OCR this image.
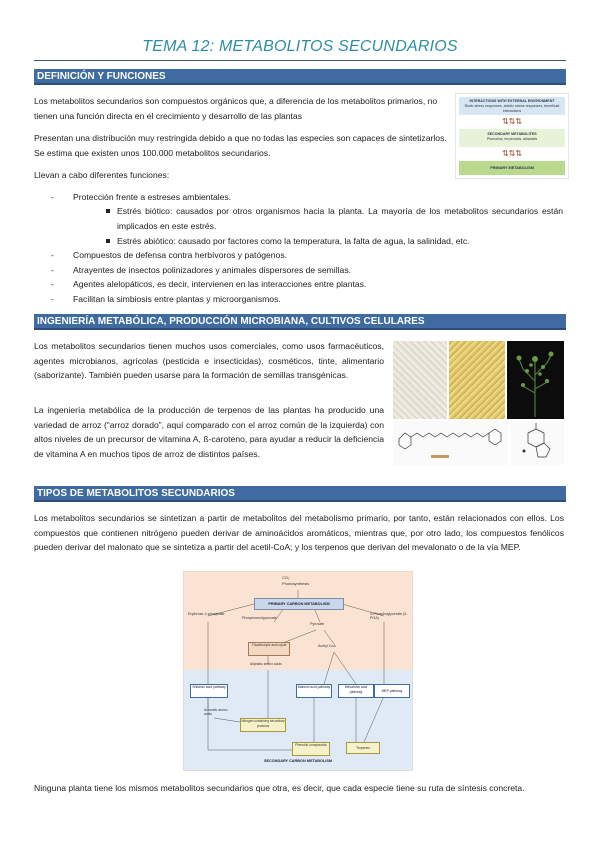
TEMA 12: METABOLITOS SECUNDARIOS
DEFINICIÓN Y FUNCIONES
Los metabolitos secundarios son compuestos orgánicos que, a diferencia de los metabolitos primarios, no tienen una función directa en el crecimiento y desarrollo de las plantas
Presentan una distribución muy restringida debido a que no todas las especies son capaces de sintetizarlos. Se estima que existen unos 100.000 metabolitos secundarios.
Llevan a cabo diferentes funciones:
INTERACTIONS WITH EXTERNAL ENVIRONMENT
Biotic stress responses, abiotic stress responses, beneficial interactions
⇅⇅⇅
SECONDARY METABOLITES
Phenolics, terpenoids, alkaloids
⇅⇅⇅
PRIMARY METABOLISM
- Protección frente a estreses ambientales.
Estrés biótico: causados por otros organismos hacia la planta. La mayoría de los metabolitos secundarios están implicados en este estrés.
Estrés abiótico: causado por factores como la temperatura, la falta de agua, la salinidad, etc.
- Compuestos de defensa contra herbívoros y patógenos.
- Atrayentes de insectos polinizadores y animales dispersores de semillas.
- Agentes alelopáticos, es decir, intervienen en las interacciones entre plantas.
- Facilitan la simbiosis entre plantas y microorganismos.
INGENIERÍA METABÓLICA, PRODUCCIÓN MICROBIANA, CULTIVOS CELULARES
Los metabolitos secundarios tienen muchos usos comerciales, como usos farmacéuticos, agentes microbianos, agrícolas (pesticida e insecticidas), cosméticos, tinte, alimentario (saborizante). También pueden usarse para la formación de semillas transgénicas.
La ingeniería metabólica de la producción de terpenos de las plantas ha producido una variedad de arroz (“arroz dorado”, aquí comparado con el arroz común de la izquierda) con altos niveles de un precursor de vitamina A, ß-caroteno, para ayudar a reducir la deficiencia de vitamina A en muchos tipos de arroz de distintos países.
TIPOS DE METABOLITOS SECUNDARIOS
Los metabolitos secundarios se sintetizan a partir de metabolitos del metabolismo primario, por tanto, están relacionados con ellos. Los compuestos que contienen nitrógeno pueden derivar de aminoácidos aromáticos, mientras que, por otro lado, los compuestos fenólicos pueden derivar del malonato que se sintetiza a partir del acetil-CoA; y los terpenos que derivan del mevalonato o de la vía MEP.
CO₂
Photosynthesis
PRIMARY CARBON METABOLISM
Erythrose-4-phosphate
Phosphoenolpyruvate
Pyruvate
3-Phosphoglycerate (3-PGA)
Tricarboxylic acid cycle	Acetyl CoA
Aliphatic amino acids
Shikimic acid pathway	Malonic acid pathway	Mevalonic acid pathway	MEP pathway
Aromatic amino acids
Nitrogen-containing secondary products
Phenolic compounds
Terpenes
SECONDARY CARBON METABOLISM
Ninguna planta tiene los mismos metabolitos secundarios que otra, es decir, que cada especie tiene su ruta de síntesis concreta.
